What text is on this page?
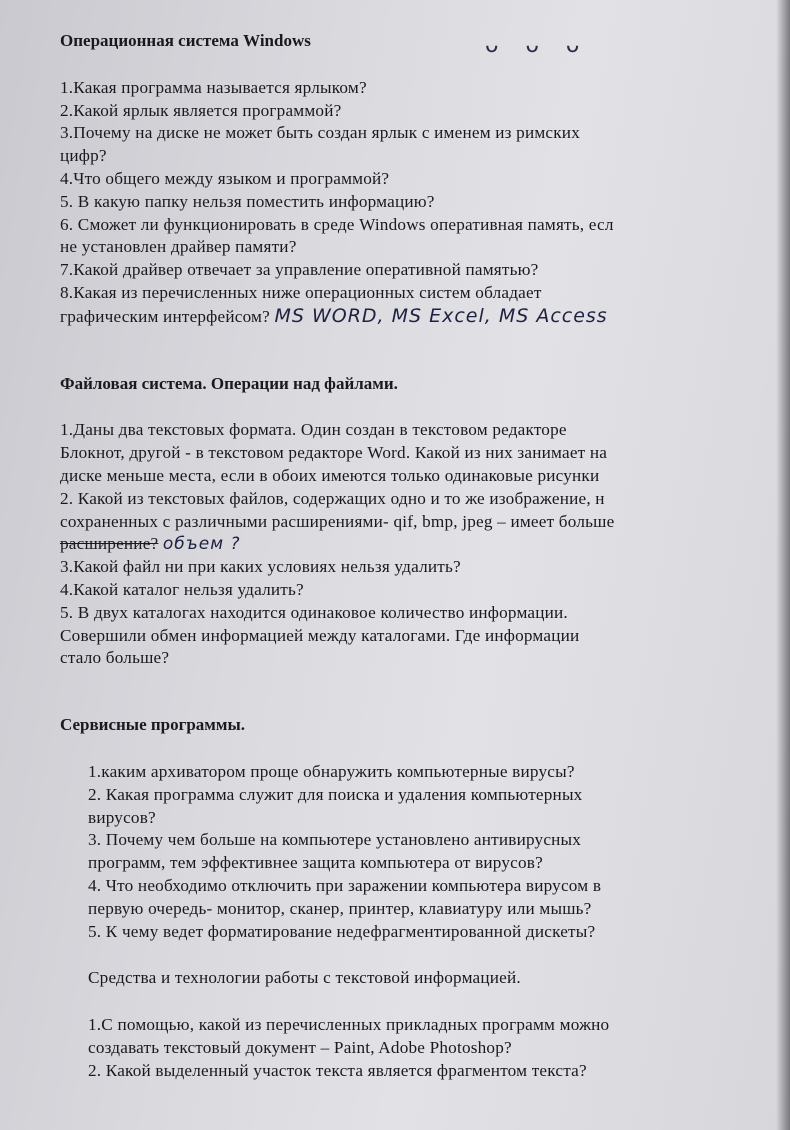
ᴗ ᴗ ᴗ

Операционная система Windows

1.Какая программа называется ярлыком?

2.Какой ярлык является программой?

3.Почему на диске не может быть создан ярлык с именем из римских

цифр?

4.Что общего между языком и программой?

5. В какую папку нельзя поместить информацию?

6. Сможет ли функционировать в среде Windows оперативная память, есл

не установлен драйвер памяти?

7.Какой драйвер отвечает за управление оперативной памятью?

8.Какая из перечисленных ниже операционных систем обладает

графическим интерфейсом? MS WORD, MS Excel, MS Access

Файловая система. Операции над файлами.

1.Даны два текстовых формата. Один создан в текстовом редакторе

Блокнот, другой - в текстовом редакторе Word. Какой из них занимает на

диске меньше места, если в обоих имеются только одинаковые рисунки

2. Какой из текстовых файлов, содержащих одно и то же изображение, н

сохраненных с различными расширениями- qif, bmp, jpeg – имеет больше

расширение? объем ?

3.Какой файл ни при каких условиях нельзя удалить?

4.Какой каталог нельзя удалить?

5. В двух каталогах находится одинаковое количество информации.

Совершили обмен информацией между каталогами. Где информации

стало больше?

Сервисные программы.

1.каким архиватором проще обнаружить компьютерные вирусы?

2. Какая программа служит для поиска и удаления компьютерных

вирусов?

3. Почему чем больше на компьютере установлено антивирусных

программ, тем эффективнее защита компьютера от вирусов?

4. Что необходимо отключить при заражении компьютера вирусом в

первую очередь- монитор, сканер, принтер, клавиатуру или мышь?

5. К чему ведет форматирование недефрагментированной дискеты?

Средства и технологии работы с текстовой информацией.

1.С помощью, какой из перечисленных прикладных программ можно

создавать текстовый документ – Paint, Adobe Photoshop?

2. Какой выделенный участок текста является фрагментом текста?
